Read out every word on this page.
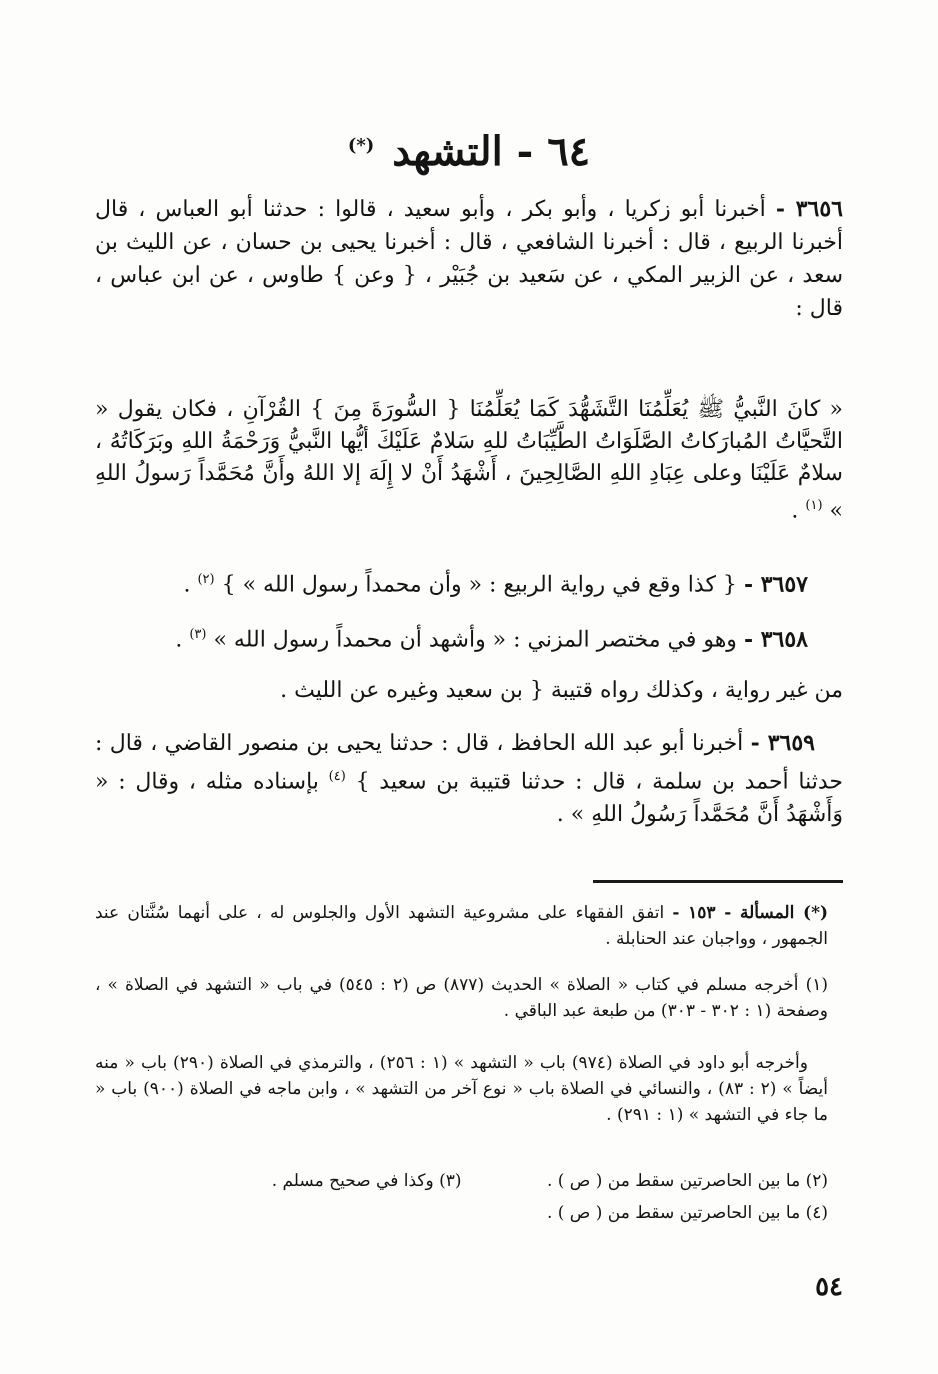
٦٤ - التشهد (*)

٣٦٥٦ - أخبرنا أبو زكريا ، وأبو بكر ، وأبو سعيد ، قالوا : حدثنا أبو العباس ، قال أخبرنا الربيع ، قال : أخبرنا الشافعي ، قال : أخبرنا يحيى بن حسان ، عن الليث بن سعد ، عن الزبير المكي ، عن سَعيد بن جُبَيْر ، { وعن } طاوس ، عن ابن عباس ، قال :

« كانَ النَّبيُّ ﷺ يُعَلِّمُنَا التَّشَهُّدَ كَمَا يُعَلِّمُنَا { السُّورَةَ مِنَ } القُرْآنِ ، فكان يقول « التَّحيَّاتُ المُبارَكاتُ الصَّلَوَاتُ الطَّيِّبَاتُ للهِ سَلامٌ عَلَيْكَ أيُّها النَّبيُّ وَرَحْمَةُ اللهِ وبَرَكَاتُهُ ، سلامٌ عَلَيْنَا وعلى عِبَادِ اللهِ الصَّالِحِينَ ، أَشْهَدُ أَنْ لا إِلَهَ إلا اللهُ وأَنَّ مُحَمَّداً رَسولُ اللهِ » $^{(١)}$ .

٣٦٥٧ - { كذا وقع في رواية الربيع : « وأن محمداً رسول الله » } $^{(٢)}$ .

٣٦٥٨ - وهو في مختصر المزني : « وأشهد أن محمداً رسول الله » $^{(٣)}$ .

من غير رواية ، وكذلك رواه قتيبة { بن سعيد وغيره عن الليث .

٣٦٥٩ - أخبرنا أبو عبد الله الحافظ ، قال : حدثنا يحيى بن منصور القاضي ، قال : حدثنا أحمد بن سلمة ، قال : حدثنا قتيبة بن سعيد } $^{(٤)}$ بإسناده مثله ، وقال : « وَأَشْهَدُ أَنَّ مُحَمَّداً رَسُولُ اللهِ » .

(*) المسألة - ١٥٣ - اتفق الفقهاء على مشروعية التشهد الأول والجلوس له ، على أنهما سُنَّتان عند الجمهور ، وواجبان عند الحنابلة .

(١) أخرجه مسلم في كتاب « الصلاة » الحديث (٨٧٧) ص (٢ : ٥٤٥) في باب « التشهد في الصلاة » ، وصفحة (١ : ٣٠٢ - ٣٠٣) من طبعة عبد الباقي .

وأخرجه أبو داود في الصلاة (٩٧٤) باب « التشهد » (١ : ٢٥٦) ، والترمذي في الصلاة (٢٩٠) باب « منه أيضاً » (٢ : ٨٣) ، والنسائي في الصلاة باب « نوع آخر من التشهد » ، وابن ماجه في الصلاة (٩٠٠) باب « ما جاء في التشهد » (١ : ٢٩١) .

(٢) ما بين الحاصرتين سقط من ( ص ) .
(٣) وكذا في صحيح مسلم .

(٤) ما بين الحاصرتين سقط من ( ص ) .

٥٤
